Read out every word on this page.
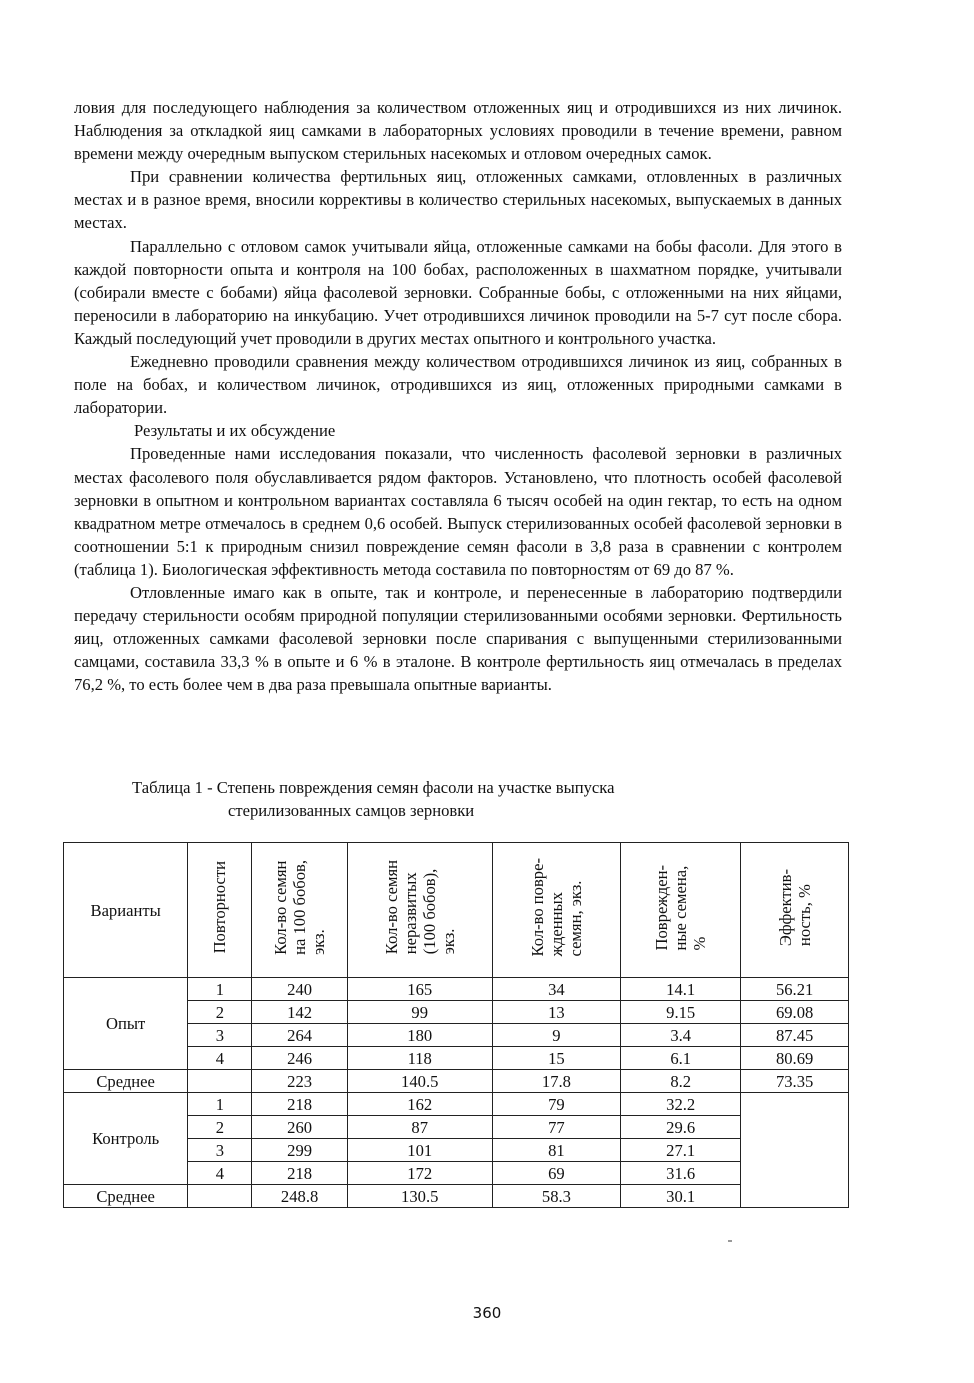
ловия для последующего наблюдения за количеством отложенных яиц и отродившихся из них личинок. Наблюдения за откладкой яиц самками в лабораторных условиях проводили в течение времени, равном времени между очередным выпуском стерильных насекомых и отловом очередных самок.

При сравнении количества фертильных яиц, отложенных самками, отловленных в различных местах и в разное время, вносили коррективы в количество стерильных насекомых, выпускаемых в данных местах.

Параллельно с отловом самок учитывали яйца, отложенные самками на бобы фасоли. Для этого в каждой повторности опыта и контроля на 100 бобах, расположенных в шахматном порядке, учитывали (собирали вместе с бобами) яйца фасолевой зерновки. Собранные бобы, с отложенными на них яйцами, переносили в лабораторию на инкубацию. Учет отродившихся личинок проводили на 5-7 сут после сбора. Каждый последующий учет проводили в других местах опытного и контрольного участка.

Ежедневно проводили сравнения между количеством отродившихся личинок из яиц, собранных в поле на бобах, и количеством личинок, отродившихся из яиц, отложенных природными самками в лаборатории.

Результаты и их обсуждение

Проведенные нами исследования показали, что численность фасолевой зерновки в различных местах фасолевого поля обуславливается рядом факторов. Установлено, что плотность особей фасолевой зерновки в опытном и контрольном вариантах составляла 6 тысяч особей на один гектар, то есть на одном квадратном метре отмечалось в среднем 0,6 особей. Выпуск стерилизованных особей фасолевой зерновки в соотношении 5:1 к природным снизил повреждение семян фасоли в 3,8 раза в сравнении с контролем (таблица 1). Биологическая эффективность метода составила по повторностям от 69 до 87 %.

Отловленные имаго как в опыте, так и контроле, и перенесенные в лабораторию подтвердили передачу стерильности особям природной популяции стерилизованными особями зерновки. Фертильность яиц, отложенных самками фасолевой зерновки после спаривания с выпущенными стерилизованными самцами, составила 33,3 % в опыте и 6 % в эталоне. В контроле фертильность яиц отмечалась в пределах 76,2 %, то есть более чем в два раза превышала опытные варианты.

Таблица 1 - Степень повреждения семян фасоли на участке выпуска
стерилизованных самцов зерновки
Варианты	Повторности	Кол-во семян
на 100 бобов,
экз.	Кол-во семян
неразвитых
(100 бобов),
экз.	Кол-во повре-
жденных
семян, экз.	Поврежден-
ные семена,
%	Эффектив-
ность, %
Опыт	1	240	165	34	14.1	56.21
	2	142	99	13	9.15	69.08
	3	264	180	9	3.4	87.45
	4	246	118	15	6.1	80.69
Среднее		223	140.5	17.8	8.2	73.35
Контроль	1	218	162	79	32.2	
	2	260	87	77	29.6	
	3	299	101	81	27.1	
	4	218	172	69	31.6	
Среднее		248.8	130.5	58.3	30.1	
360
